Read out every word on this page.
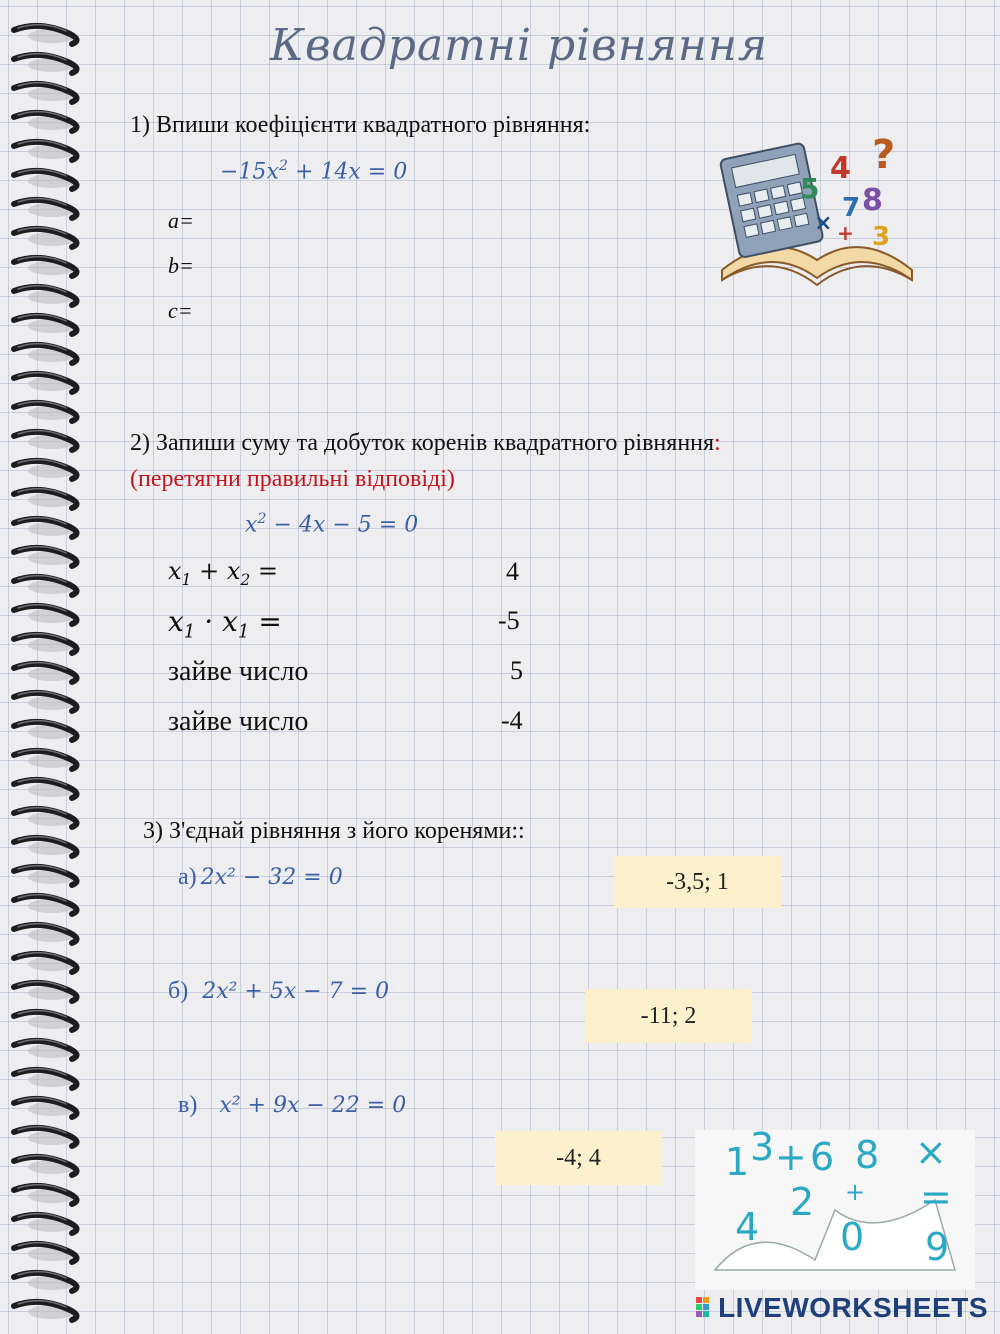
Квадратні рівняння
4 ?
5 8
7
3
× +
1) Впиши коефіцієнти квадратного рівняння:
$-15x^2 + 14x = 0$
a=
b=
c=
2) Запиши суму та добуток коренів квадратного рівняння:
(перетягни правильні відповіді)
$x^2 - 4x - 5 = 0$
$x_1 + x_2$ =
$x_1 \cdot x_1$ =
зайве число
зайве число
4
-5
5
-4
3) З'єднай рівняння з його коренями::
а) 2x² − 32 = 0
б) 2x² + 5x − 7 = 0
в) x² + 9x − 22 = 0
-3,5; 1
-11; 2
-4; 4	1 3 + 6 8 ×
4
2
0
=
9
+
LIVEWORKSHEETS
